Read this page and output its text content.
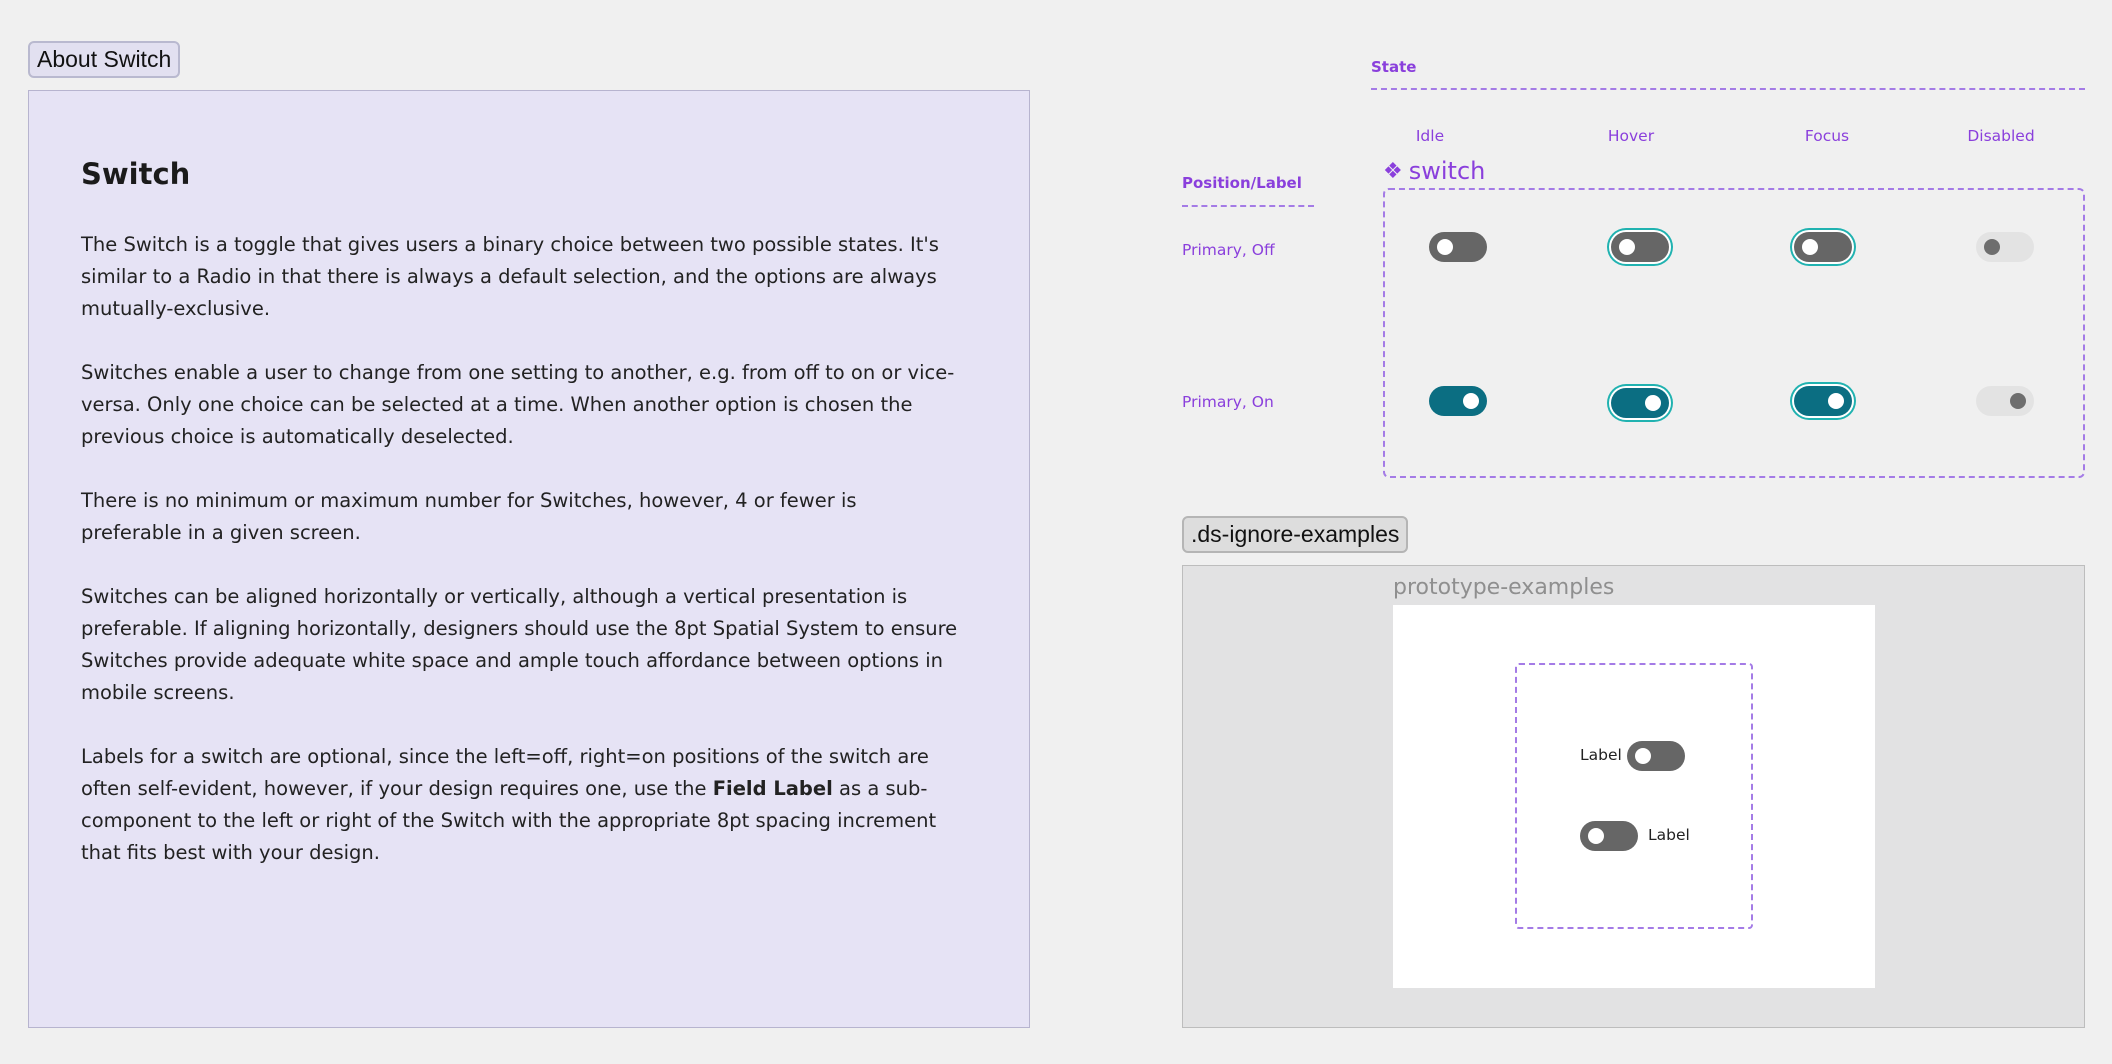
About Switch
Switch

The Switch is a toggle that gives users a binary choice between two possible states. It's similar to a Radio in that there is always a default selection, and the options are always mutually-exclusive.

Switches enable a user to change from one setting to another, e.g. from off to on or vice-versa. Only one choice can be selected at a time. When another option is chosen the previous choice is automatically deselected.

There is no minimum or maximum number for Switches, however, 4 or fewer is preferable in a given screen.

Switches can be aligned horizontally or vertically, although a vertical presentation is preferable. If aligning horizontally, designers should use the 8pt Spatial System to ensure Switches provide adequate white space and ample touch affordance between options in mobile screens.

Labels for a switch are optional, since the left=off, right=on positions of the switch are often self-evident, however, if your design requires one, use the Field Label as a sub-component to the left or right of the Switch with the appropriate 8pt spacing increment that fits best with your design.

State
Idle	Hover	Focus	Disabled
Position/Label
Primary, Off
Primary, On
❖ switch
.ds-ignore-examples
prototype-examples
Label
Label
